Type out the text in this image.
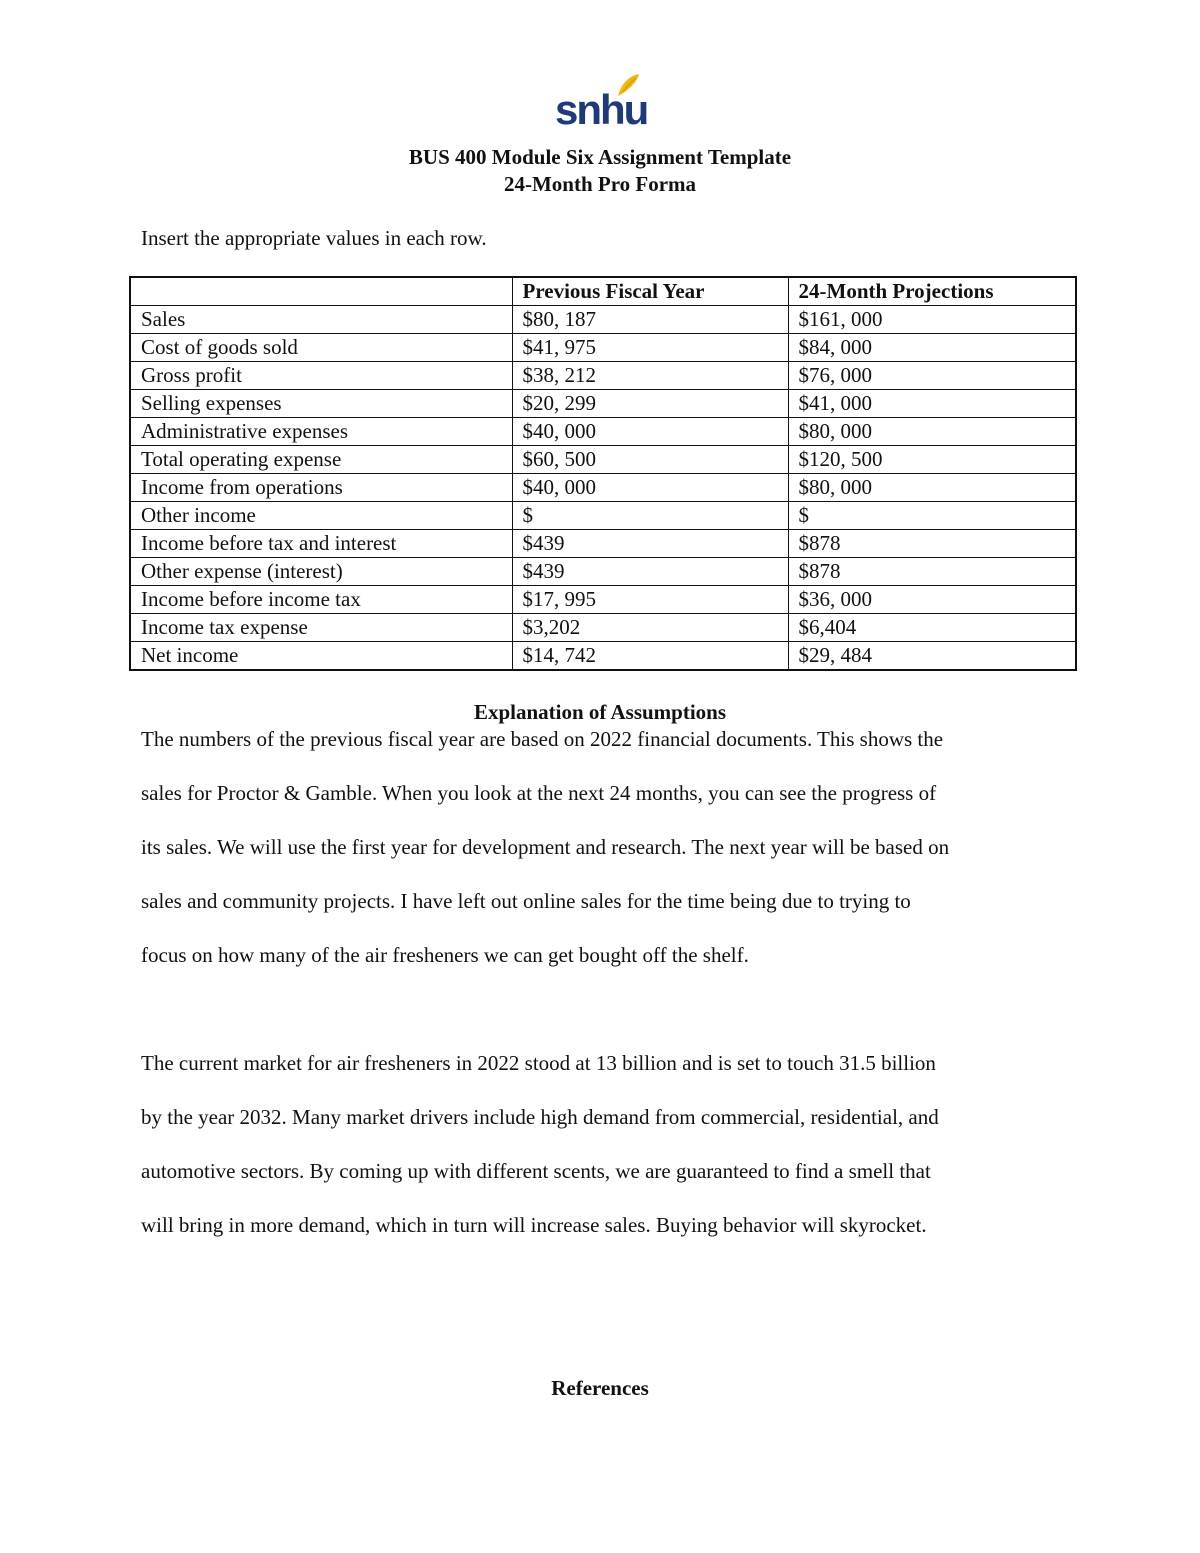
snhu
BUS 400 Module Six Assignment Template
24-Month Pro Forma
Insert the appropriate values in each row.
	Previous Fiscal Year	24-Month Projections
Sales	$80, 187	$161, 000
Cost of goods sold	$41, 975	$84, 000
Gross profit	$38, 212	$76, 000
Selling expenses	$20, 299	$41, 000
Administrative expenses	$40, 000	$80, 000
Total operating expense	$60, 500	$120, 500
Income from operations	$40, 000	$80, 000
Other income	$	$
Income before tax and interest	$439	$878
Other expense (interest)	$439	$878
Income before income tax	$17, 995	$36, 000
Income tax expense	$3,202	$6,404
Net income	$14, 742	$29, 484
Explanation of Assumptions
The numbers of the previous fiscal year are based on 2022 financial documents. This shows the
sales for Proctor & Gamble. When you look at the next 24 months, you can see the progress of
its sales. We will use the first year for development and research. The next year will be based on
sales and community projects. I have left out online sales for the time being due to trying to
focus on how many of the air fresheners we can get bought off the shelf.
The current market for air fresheners in 2022 stood at 13 billion and is set to touch 31.5 billion
by the year 2032. Many market drivers include high demand from commercial, residential, and
automotive sectors. By coming up with different scents, we are guaranteed to find a smell that
will bring in more demand, which in turn will increase sales. Buying behavior will skyrocket.
References
